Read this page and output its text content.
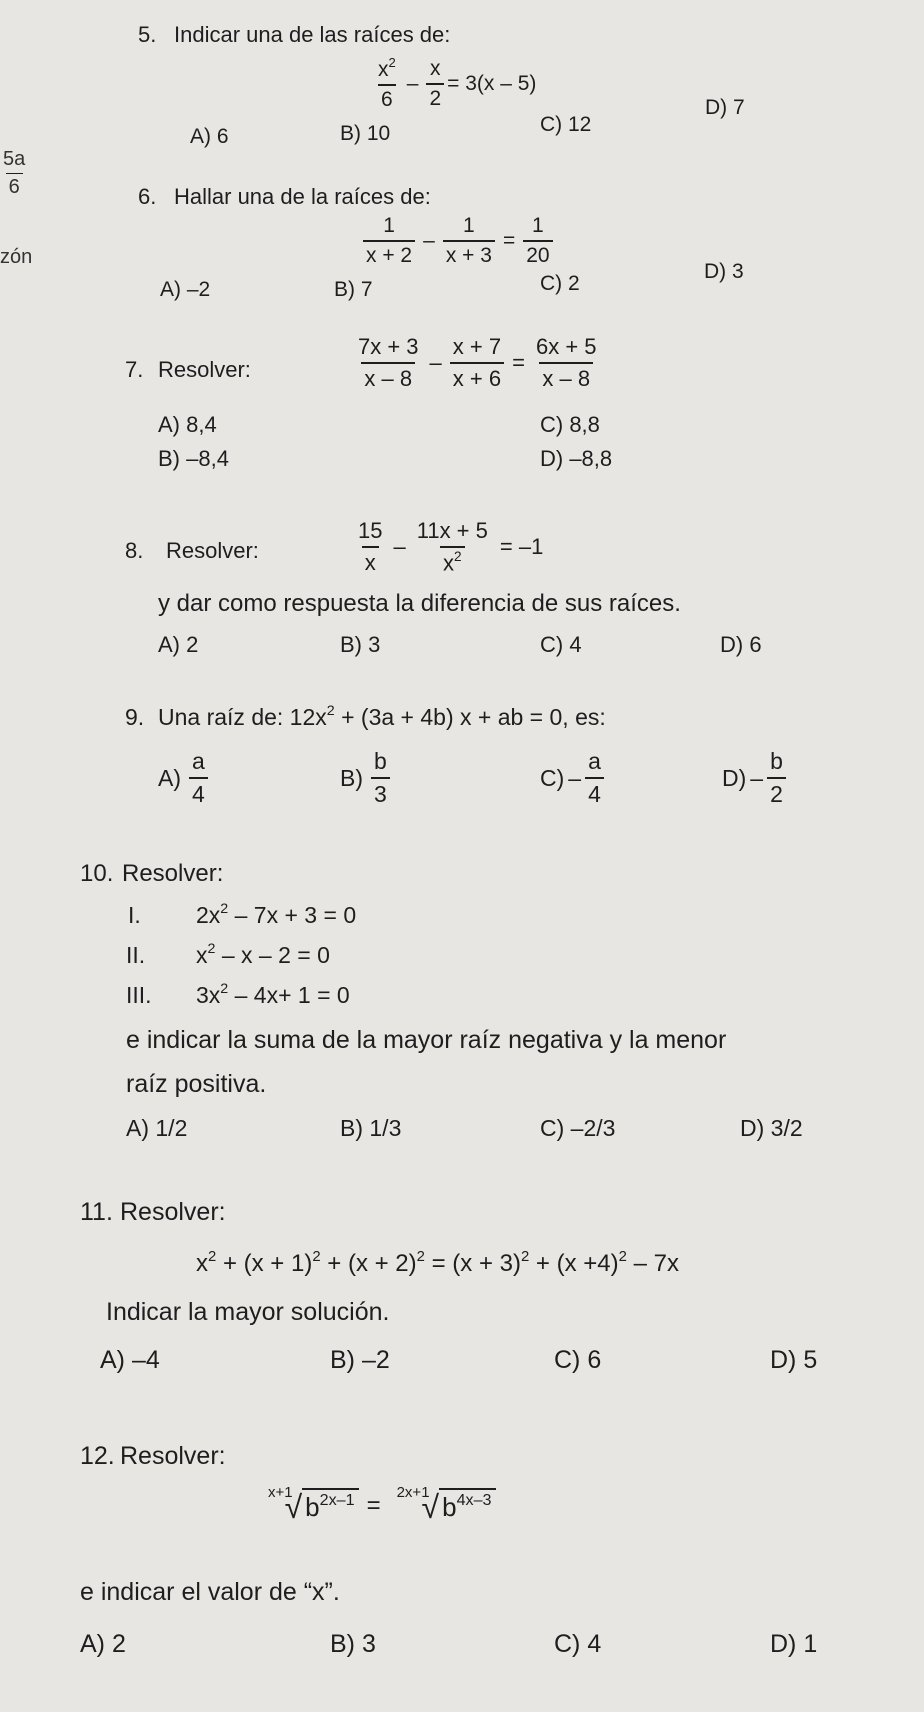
$\frac{5a}{6}$
zón
5. Indicar una de las raíces de:
$\frac{x^2}{6} - \frac{x}{2} = 3(x - 5)$
A) 6	B) 10	C) 12
D) 7
6. Hallar una de la raíces de:
$\frac{1}{x + 2} - \frac{1}{x + 3} = \frac{1}{20}$
A) –2	B) 7	C) 2
D) 3
7. Resolver:	$\frac{7x + 3}{x - 8} - \frac{x + 7}{x + 6} = \frac{6x + 5}{x - 8}$
A) 8,4	C) 8,8
B) –8,4	D) –8,8
8. Resolver:	$\frac{15}{x} - \frac{11x + 5}{x^2} = -1$
y dar como respuesta la diferencia de sus raíces.
A) 2	B) 3	C) 4	D) 6
9. Una raíz de: $12x^2 + (3a + 4b) x$ + ab = 0, es:
$A) \frac{a}{4}$	$B) \frac{b}{3}$	$C) - \frac{a}{4}$	$D) - \frac{b}{2}$
10. Resolver:
I. $2x^2 - 7x + 3 = 0$
II. $x^2 - x - 2 = 0$
III. $3x^2 - 4x+ 1 = 0$
e indicar la suma de la mayor raíz negativa y la menor
raíz positiva.
A) 1/2	B) 1/3	C) –2/3	D) 3/2
11. Resolver:
$x^2 + (x + 1)^2 + (x + 2)^2 = (x + 3)^2 + (x +4)^2 - 7x$
Indicar la mayor solución.
A) –4	B) –2	C) 6	D) 5
12. Resolver:
x+1
√ $b^{2x-1} = 2x+1$
√ $b^{4x-3}$
e indicar el valor de “x”.
A) 2	B) 3	C) 4	D) 1
